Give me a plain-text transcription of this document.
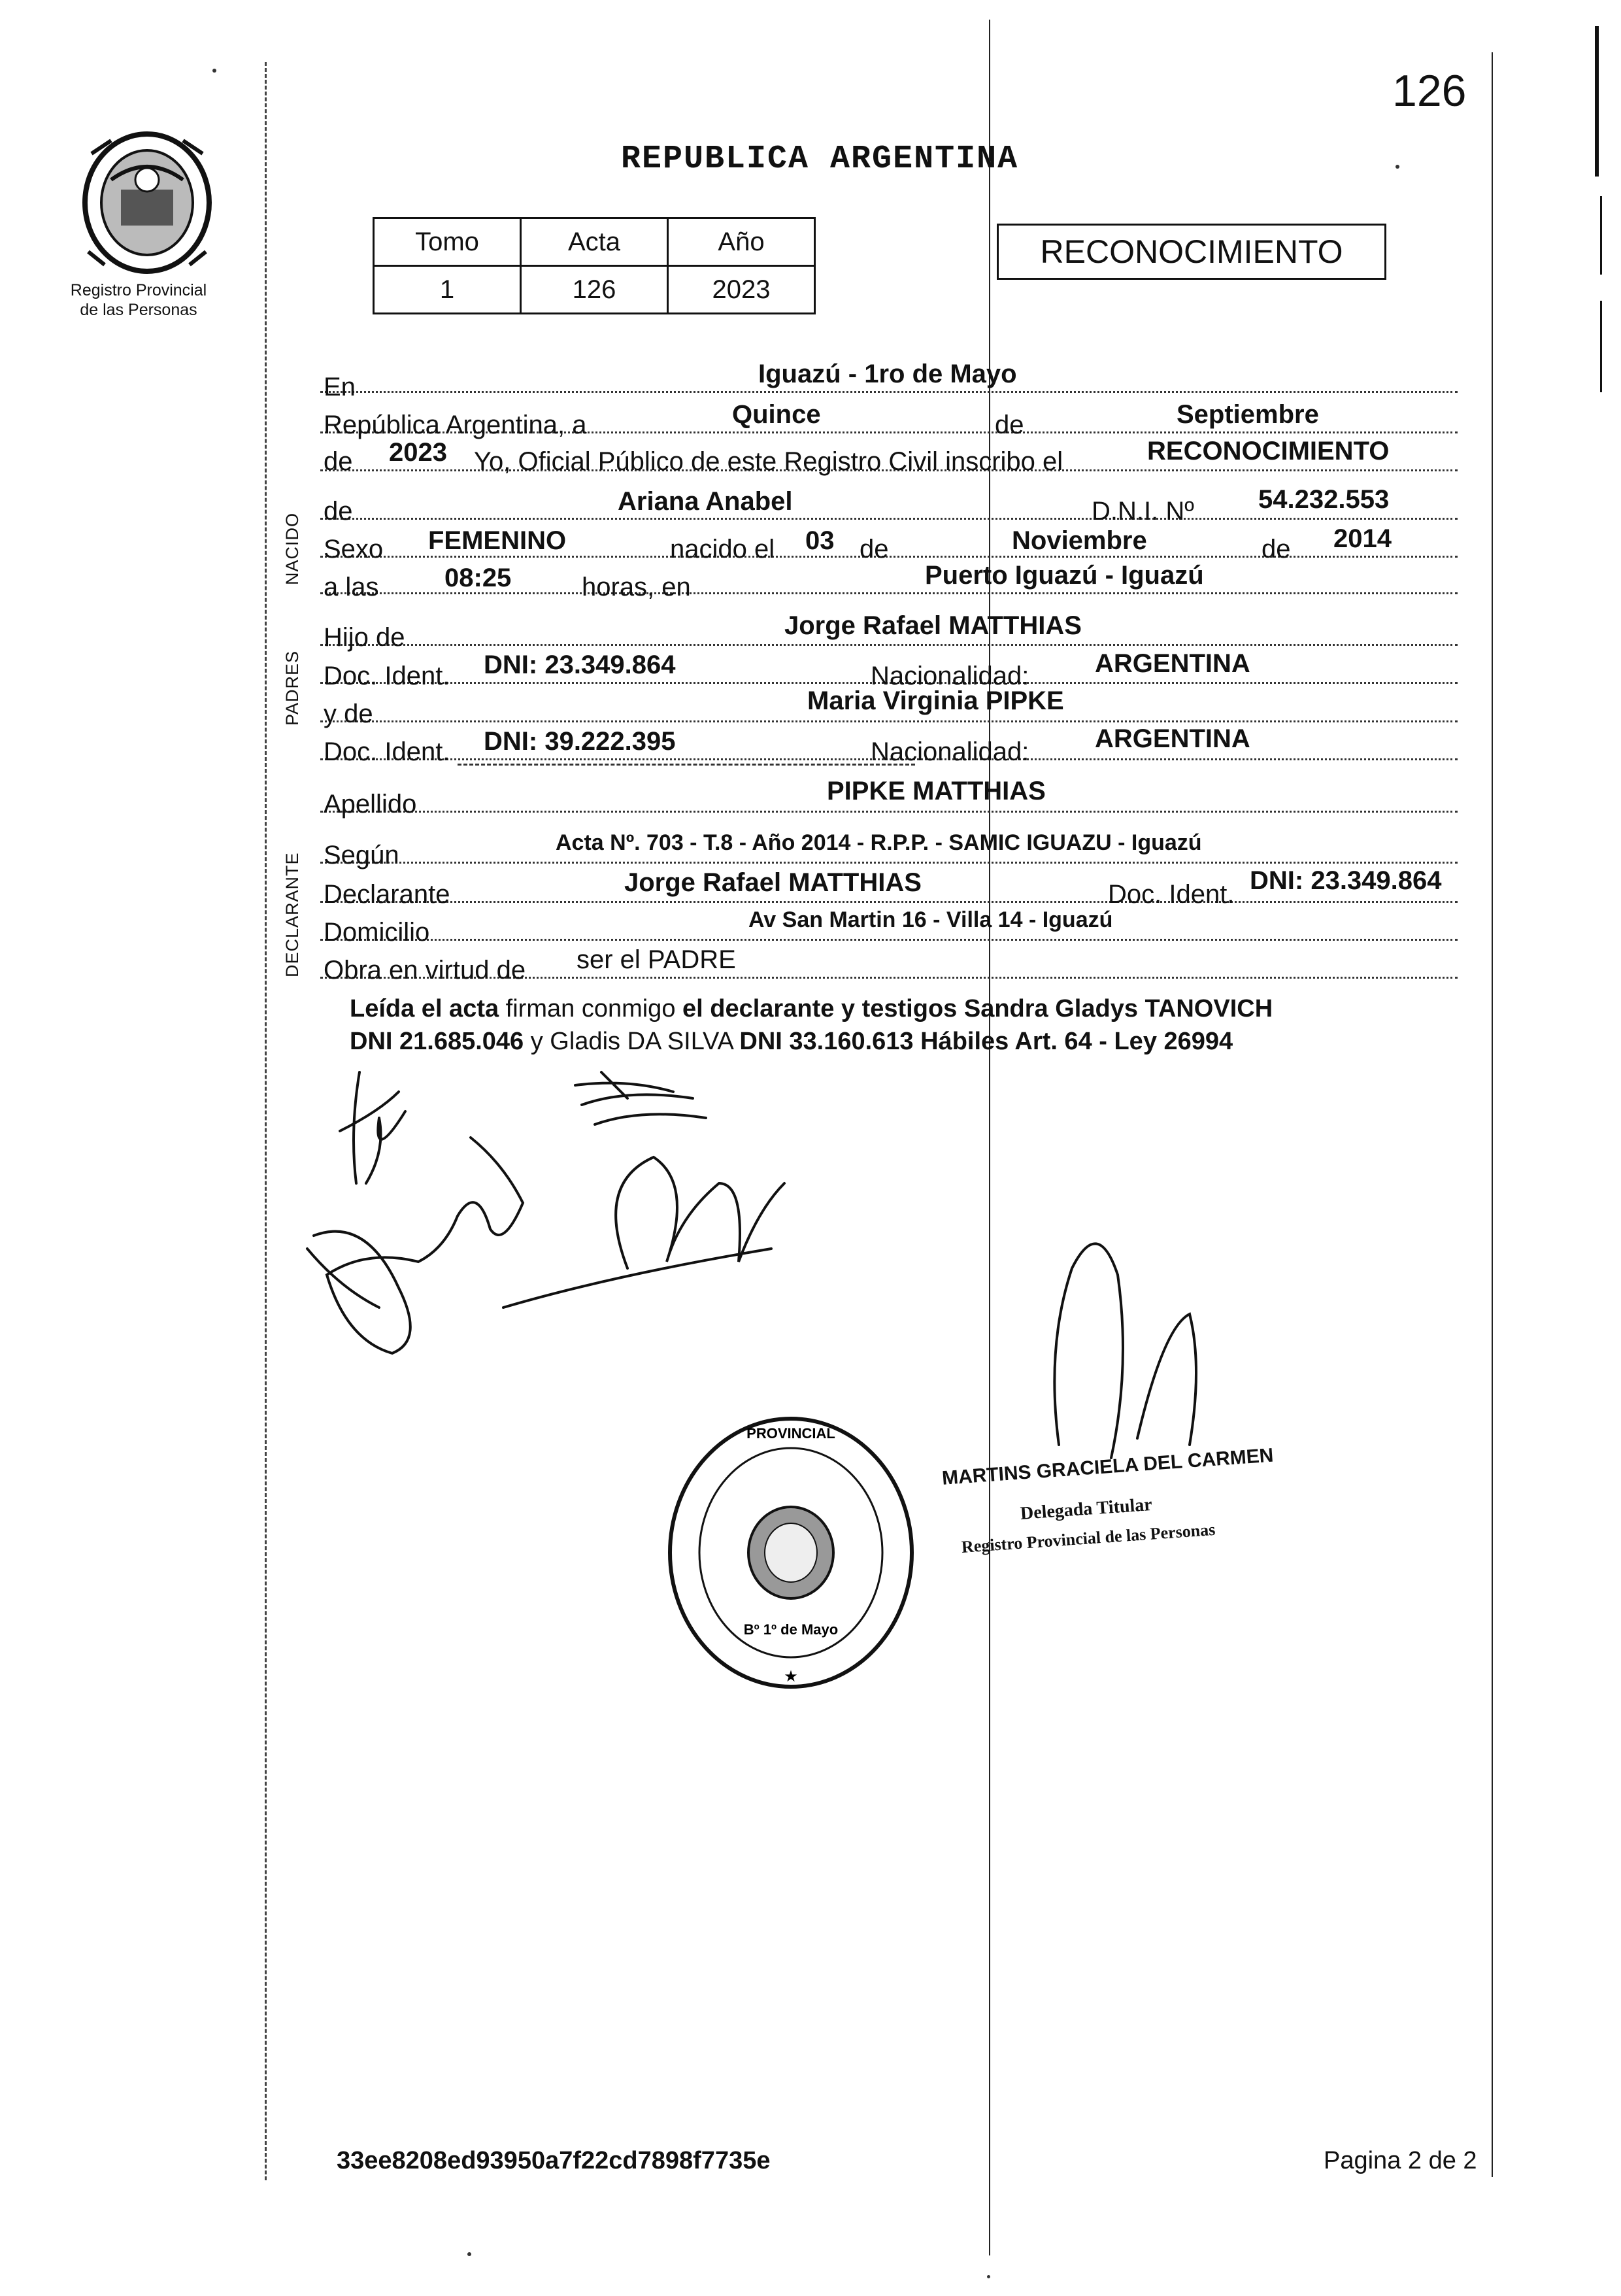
126
Registro Provincial
de las Personas
REPUBLICA ARGENTINA
Tomo	Acta	Año
1	126	2023
RECONOCIMIENTO
NACIDO
PADRES
DECLARANTE
En	Iguazú - 1ro de Mayo
República Argentina, a	Quince	de	Septiembre
de 2023 Yo, Oficial Público de este Registro Civil inscribo el	RECONOCIMIENTO
de	Ariana Anabel	D.N.I. Nº 54.232.553
Sexo FEMENINO	nacido el 03 de	Noviembre	de 2014
a las	08:25	horas, en	Puerto Iguazú - Iguazú
Hijo de	Jorge Rafael MATTHIAS
Doc. Ident. DNI: 23.349.864	Nacionalidad:	ARGENTINA
y de	Maria Virginia PIPKE
Doc. Ident. DNI: 39.222.395	Nacionalidad:	ARGENTINA
Apellido	PIPKE MATTHIAS
Según	Acta Nº. 703 - T.8 - Año 2014 - R.P.P. - SAMIC IGUAZU - Iguazú
Declarante	Jorge Rafael MATTHIAS	Doc. Ident. DNI: 23.349.864
Domicilio	Av San Martin 16 - Villa 14 - Iguazú
Obra en virtud de ser el PADRE
Leída el acta firman conmigo el declarante y testigos Sandra Gladys TANOVICH
DNI 21.685.046 y Gladis DA SILVA DNI 33.160.613 Hábiles Art. 64 - Ley 26994
PROVINCIAL
Bº 1º de Mayo
★
MARTINS GRACIELA DEL CARMEN
Delegada Titular
Registro Provincial de las Personas
33ee8208ed93950a7f22cd7898f7735e	Pagina 2 de 2
